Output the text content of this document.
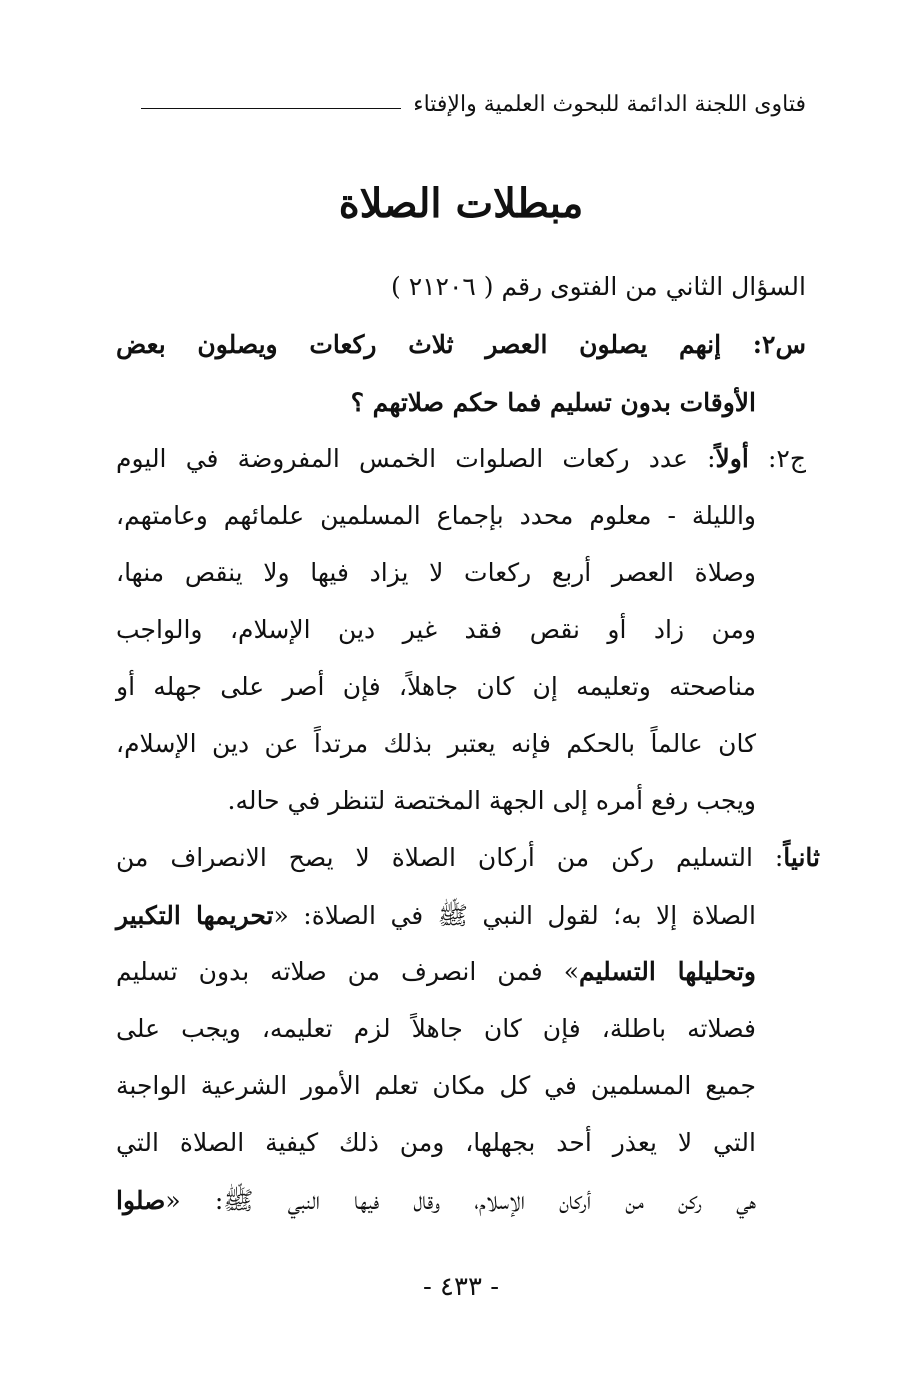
فتاوى اللجنة الدائمة للبحوث العلمية والإفتاء
مبطلات الصلاة
السؤال الثاني من الفتوى رقم ( ٢١٢٠٦ )
س٢: إنهم يصلون العصر ثلاث ركعات ويصلون بعض
الأوقات بدون تسليم فما حكم صلاتهم ؟
ج٢: أولاً: عدد ركعات الصلوات الخمس المفروضة في اليوم
والليلة - معلوم محدد بإجماع المسلمين علمائهم وعامتهم،
وصلاة العصر أربع ركعات لا يزاد فيها ولا ينقص منها،
ومن زاد أو نقص فقد غير دين الإسلام، والواجب
مناصحته وتعليمه إن كان جاهلاً، فإن أصر على جهله أو
كان عالماً بالحكم فإنه يعتبر بذلك مرتداً عن دين الإسلام،
ويجب رفع أمره إلى الجهة المختصة لتنظر في حاله.
ثانياً: التسليم ركن من أركان الصلاة لا يصح الانصراف من
الصلاة إلا به؛ لقول النبي ﷺ في الصلاة: «تحريمها التكبير
وتحليلها التسليم» فمن انصرف من صلاته بدون تسليم
فصلاته باطلة، فإن كان جاهلاً لزم تعليمه، ويجب على
جميع المسلمين في كل مكان تعلم الأمور الشرعية الواجبة
التي لا يعذر أحد بجهلها، ومن ذلك كيفية الصلاة التي
هي ركن من أركان الإسلام، وقال فيها النبي ﷺ: «صلوا
- ٤٣٣ -
